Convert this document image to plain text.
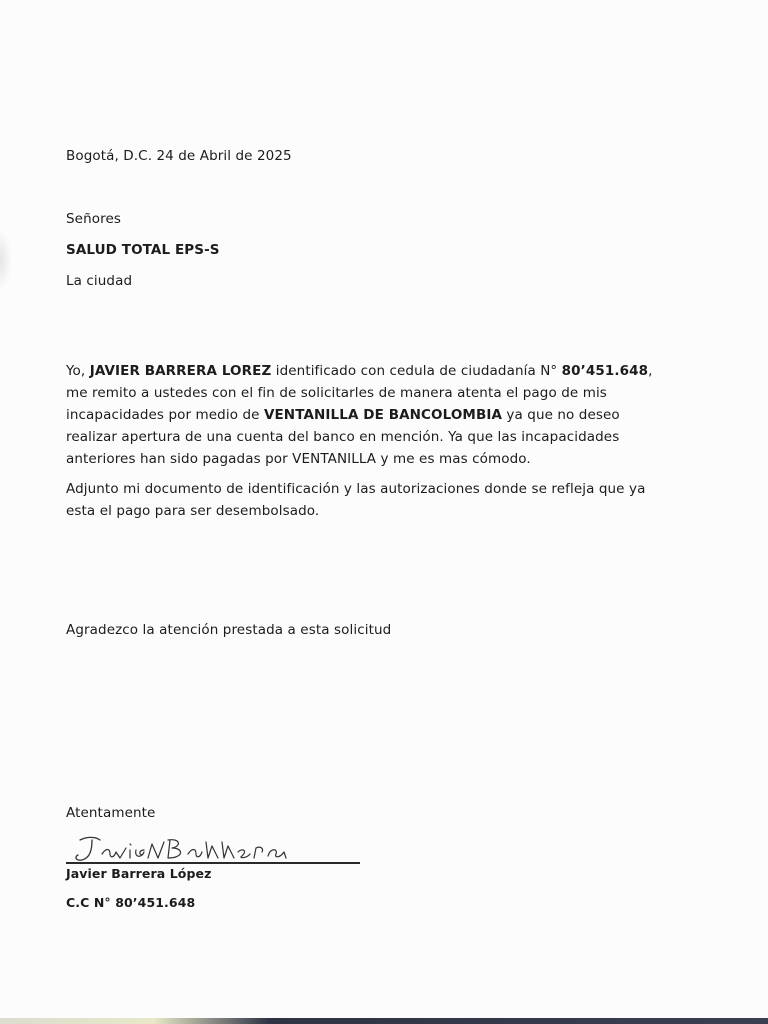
Bogotá, D.C. 24 de Abril de 2025
Señores
SALUD TOTAL EPS-S
La ciudad
Yo, JAVIER BARRERA LOREZ identificado con cedula de ciudadanía N° 80’451.648,
me remito a ustedes con el fin de solicitarles de manera atenta el pago de mis
incapacidades por medio de VENTANILLA DE BANCOLOMBIA ya que no deseo
realizar apertura de una cuenta del banco en mención. Ya que las incapacidades
anteriores han sido pagadas por VENTANILLA y me es mas cómodo.
Adjunto mi documento de identificación y las autorizaciones donde se refleja que ya
esta el pago para ser desembolsado.
Agradezco la atención prestada a esta solicitud
Atentamente
Javier Barrera López
C.C N° 80’451.648
